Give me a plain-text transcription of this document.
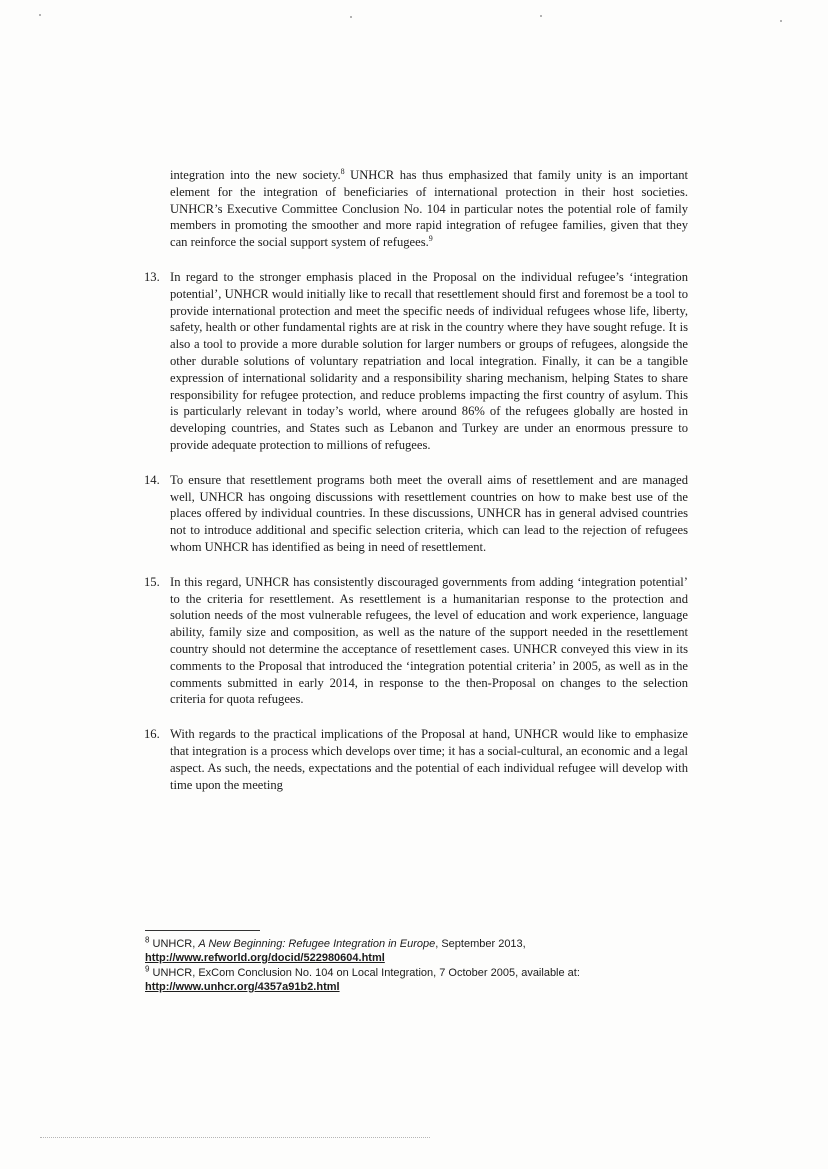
integration into the new society.$^8$ UNHCR has thus emphasized that family unity is an important element for the integration of beneficiaries of international protection in their host societies. UNHCR’s Executive Committee Conclusion No. 104 in particular notes the potential role of family members in promoting the smoother and more rapid integration of refugee families, given that they can reinforce the social support system of refugees.$^9$

13. In regard to the stronger emphasis placed in the Proposal on the individual refugee’s ‘integration potential’, UNHCR would initially like to recall that resettlement should first and foremost be a tool to provide international protection and meet the specific needs of individual refugees whose life, liberty, safety, health or other fundamental rights are at risk in the country where they have sought refuge. It is also a tool to provide a more durable solution for larger numbers or groups of refugees, alongside the other durable solutions of voluntary repatriation and local integration. Finally, it can be a tangible expression of international solidarity and a responsibility sharing mechanism, helping States to share responsibility for refugee protection, and reduce problems impacting the first country of asylum. This is particularly relevant in today’s world, where around 86% of the refugees globally are hosted in developing countries, and States such as Lebanon and Turkey are under an enormous pressure to provide adequate protection to millions of refugees.

14. To ensure that resettlement programs both meet the overall aims of resettlement and are managed well, UNHCR has ongoing discussions with resettlement countries on how to make best use of the places offered by individual countries. In these discussions, UNHCR has in general advised countries not to introduce additional and specific selection criteria, which can lead to the rejection of refugees whom UNHCR has identified as being in need of resettlement.

15. In this regard, UNHCR has consistently discouraged governments from adding ‘integration potential’ to the criteria for resettlement. As resettlement is a humanitarian response to the protection and solution needs of the most vulnerable refugees, the level of education and work experience, language ability, family size and composition, as well as the nature of the support needed in the resettlement country should not determine the acceptance of resettlement cases. UNHCR conveyed this view in its comments to the Proposal that introduced the ‘integration potential criteria’ in 2005, as well as in the comments submitted in early 2014, in response to the then-Proposal on changes to the selection criteria for quota refugees.

16. With regards to the practical implications of the Proposal at hand, UNHCR would like to emphasize that integration is a process which develops over time; it has a social-cultural, an economic and a legal aspect. As such, the needs, expectations and the potential of each individual refugee will develop with time upon the meeting

$^8$ UNHCR, A New Beginning: Refugee Integration in Europe, September 2013,
http://www.refworld.org/docid/522980604.html

$^9$ UNHCR, ExCom Conclusion No. 104 on Local Integration, 7 October 2005, available at:
http://www.unhcr.org/4357a91b2.html
